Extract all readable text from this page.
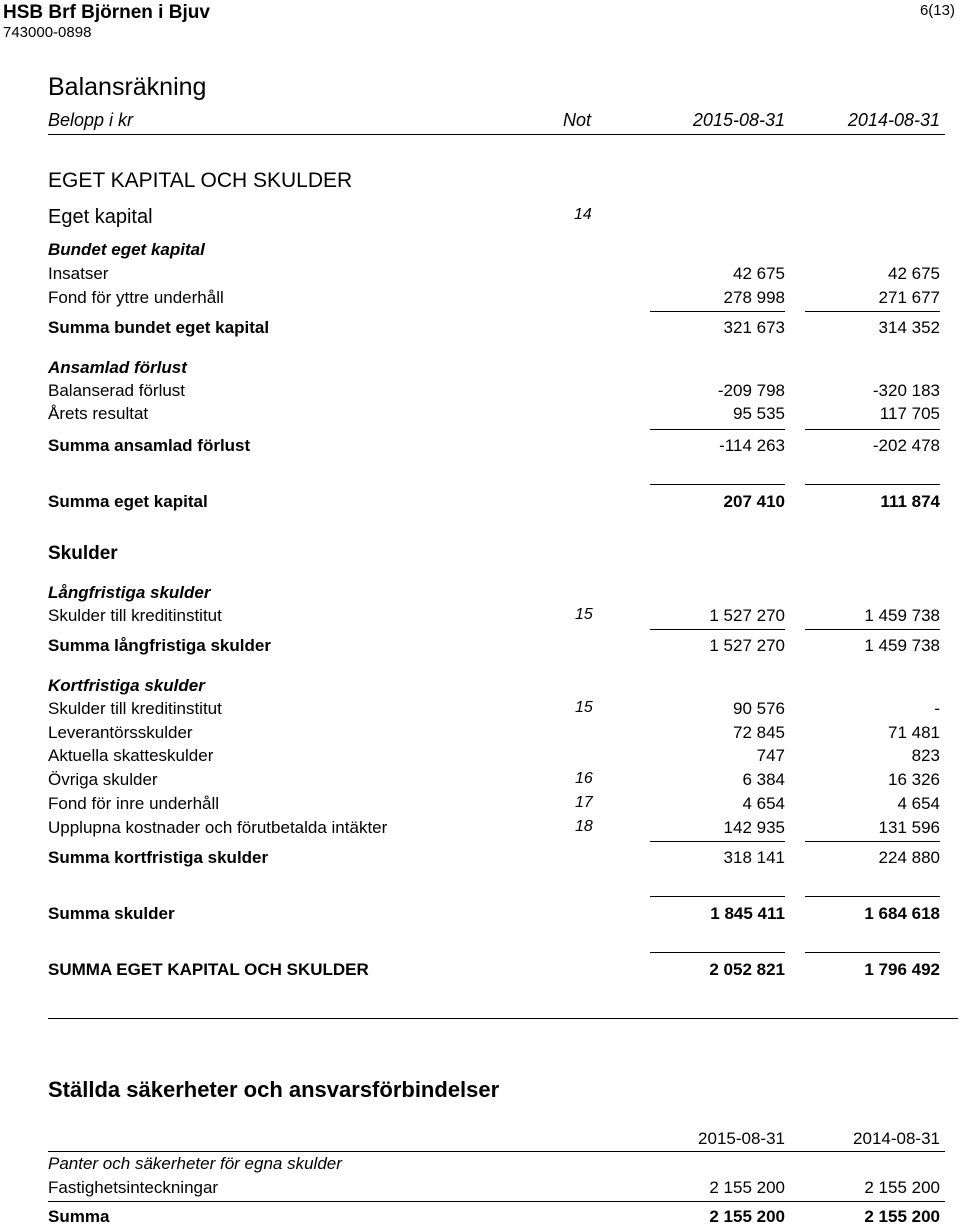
HSB Brf Björnen i Bjuv
743000-0898
6(13)
Balansräkning
Belopp i kr	Not	2015-08-31	2014-08-31
EGET KAPITAL OCH SKULDER
Eget kapital	14
Bundet eget kapital
Insatser	42 675	42 675
Fond för yttre underhåll	278 998	271 677
Summa bundet eget kapital	321 673	314 352
Ansamlad förlust
Balanserad förlust	-209 798	-320 183
Årets resultat	95 535	117 705
Summa ansamlad förlust	-114 263	-202 478
Summa eget kapital	207 410	111 874
Skulder
Långfristiga skulder
Skulder till kreditinstitut	15	1 527 270	1 459 738
Summa långfristiga skulder	1 527 270	1 459 738
Kortfristiga skulder
Skulder till kreditinstitut	15	90 576	-
Leverantörsskulder	72 845	71 481
Aktuella skatteskulder	747	823
Övriga skulder	16	6 384	16 326
Fond för inre underhåll	17	4 654	4 654
Upplupna kostnader och förutbetalda intäkter	18	142 935	131 596
Summa kortfristiga skulder	318 141	224 880
Summa skulder	1 845 411	1 684 618
SUMMA EGET KAPITAL OCH SKULDER	2 052 821	1 796 492
Ställda säkerheter och ansvarsförbindelser
2015-08-31	2014-08-31
Panter och säkerheter för egna skulder
Fastighetsinteckningar	2 155 200	2 155 200
Summa	2 155 200	2 155 200
